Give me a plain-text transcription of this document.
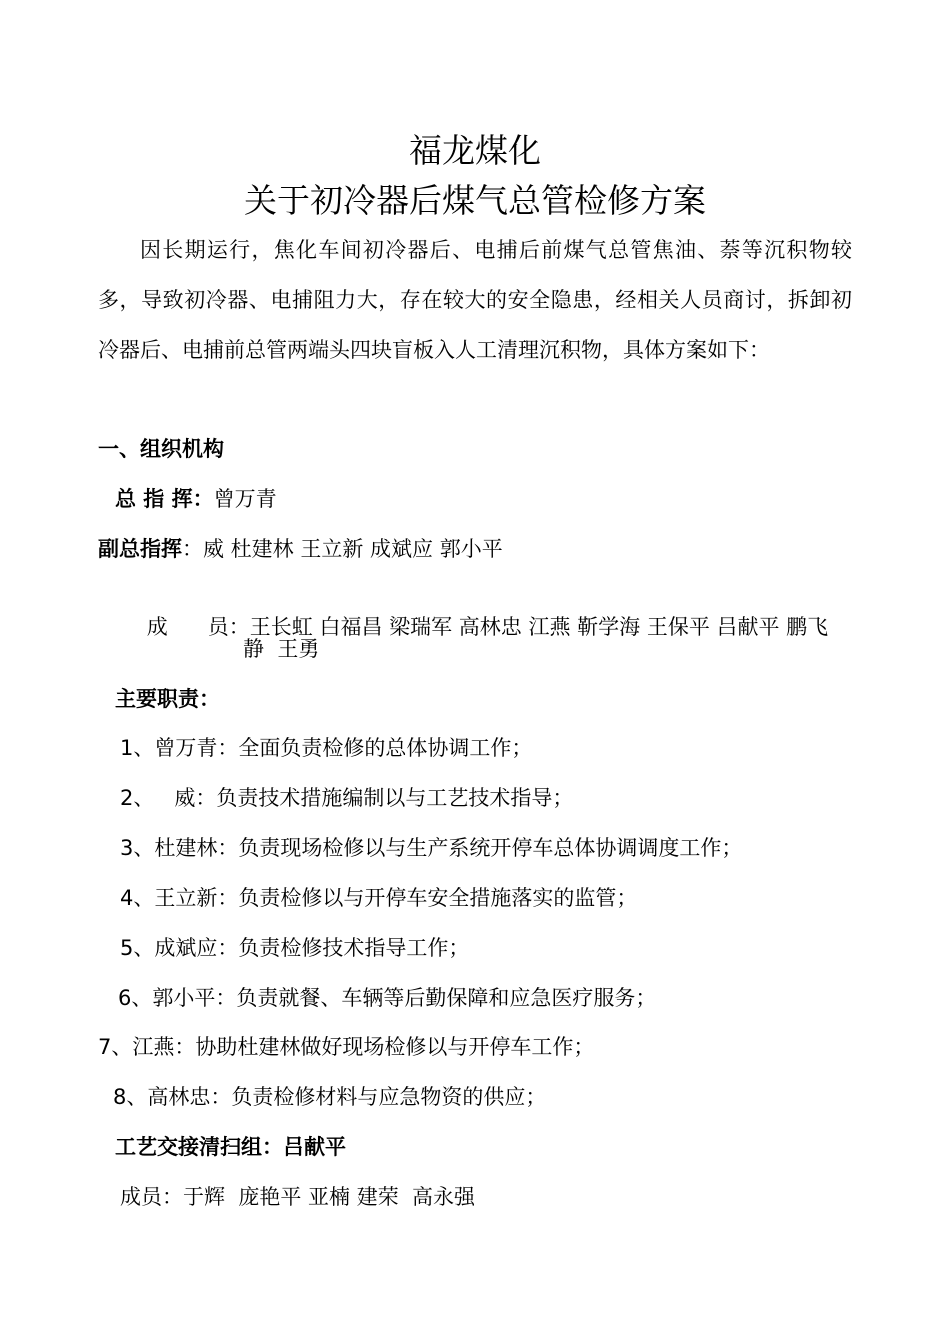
福龙煤化
关于初冷器后煤气总管检修方案
因长期运行，焦化车间初冷器后、电捕后前煤气总管焦油、萘等沉积物较多，导致初冷器、电捕阻力大，存在较大的安全隐患，经相关人员商讨，拆卸初冷器后、电捕前总管两端头四块盲板入人工清理沉积物，具体方案如下：
一、组织机构
总 指 挥：曾万青
副总指挥：威 杜建林 王立新 成斌应 郭小平

成      员：王长虹 白福昌 梁瑞军 高林忠 江燕 靳学海 王保平 吕献平 鹏飞

静  王勇
主要职责：
1、曾万青：全面负责检修的总体协调工作；
2、   威：负责技术措施编制以与工艺技术指导；
3、杜建林：负责现场检修以与生产系统开停车总体协调调度工作；
4、王立新：负责检修以与开停车安全措施落实的监管；
5、成斌应：负责检修技术指导工作；
6、郭小平：负责就餐、车辆等后勤保障和应急医疗服务；
7、江燕：协助杜建林做好现场检修以与开停车工作；
8、高林忠：负责检修材料与应急物资的供应；
工艺交接清扫组：吕献平
成员：于辉  庞艳平 亚楠 建荣  高永强
